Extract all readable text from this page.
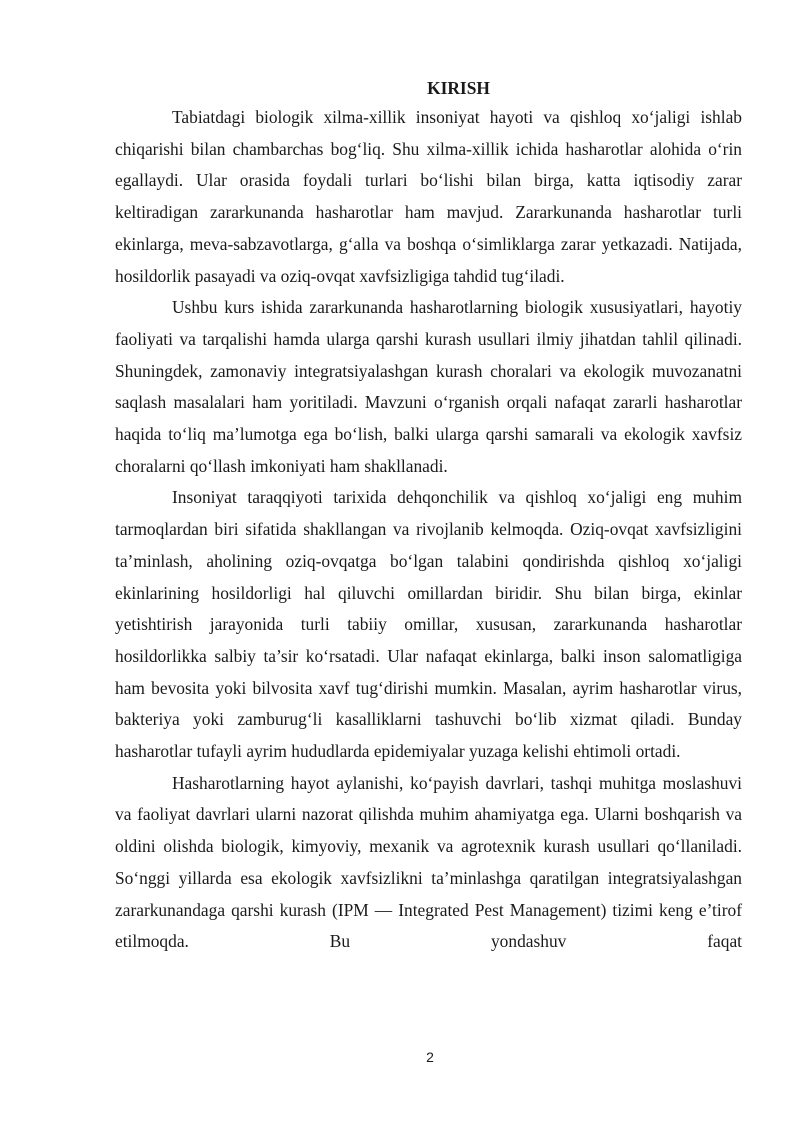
KIRISH

Tabiatdagi biologik xilma-xillik insoniyat hayoti va qishloq xo‘jaligi ishlab chiqarishi bilan chambarchas bog‘liq. Shu xilma-xillik ichida hasharotlar alohida o‘rin egallaydi. Ular orasida foydali turlari bo‘lishi bilan birga, katta iqtisodiy zarar keltiradigan zararkunanda hasharotlar ham mavjud. Zararkunanda hasharotlar turli ekinlarga, meva-sabzavotlarga, g‘alla va boshqa o‘simliklarga zarar yetkazadi. Natijada, hosildorlik pasayadi va oziq-ovqat xavfsizligiga tahdid tug‘iladi.

Ushbu kurs ishida zararkunanda hasharotlarning biologik xususiyatlari, hayotiy faoliyati va tarqalishi hamda ularga qarshi kurash usullari ilmiy jihatdan tahlil qilinadi. Shuningdek, zamonaviy integratsiyalashgan kurash choralari va ekologik muvozanatni saqlash masalalari ham yoritiladi. Mavzuni o‘rganish orqali nafaqat zararli hasharotlar haqida to‘liq ma’lumotga ega bo‘lish, balki ularga qarshi samarali va ekologik xavfsiz choralarni qo‘llash imkoniyati ham shakllanadi.

Insoniyat taraqqiyoti tarixida dehqonchilik va qishloq xo‘jaligi eng muhim tarmoqlardan biri sifatida shakllangan va rivojlanib kelmoqda. Oziq-ovqat xavfsizligini ta’minlash, aholining oziq-ovqatga bo‘lgan talabini qondirishda qishloq xo‘jaligi ekinlarining hosildorligi hal qiluvchi omillardan biridir. Shu bilan birga, ekinlar yetishtirish jarayonida turli tabiiy omillar, xususan, zararkunanda hasharotlar hosildorlikka salbiy ta’sir ko‘rsatadi. Ular nafaqat ekinlarga, balki inson salomatligiga ham bevosita yoki bilvosita xavf tug‘dirishi mumkin. Masalan, ayrim hasharotlar virus, bakteriya yoki zamburug‘li kasalliklarni tashuvchi bo‘lib xizmat qiladi. Bunday hasharotlar tufayli ayrim hududlarda epidemiyalar yuzaga kelishi ehtimoli ortadi.

Hasharotlarning hayot aylanishi, ko‘payish davrlari, tashqi muhitga moslashuvi va faoliyat davrlari ularni nazorat qilishda muhim ahamiyatga ega. Ularni boshqarish va oldini olishda biologik, kimyoviy, mexanik va agrotexnik kurash usullari qo‘llaniladi. So‘nggi yillarda esa ekologik xavfsizlikni ta’minlashga qaratilgan integratsiyalashgan zararkunandaga qarshi kurash (IPM — Integrated Pest Management) tizimi keng e’tirof etilmoqda. Bu yondashuv faqat

2
